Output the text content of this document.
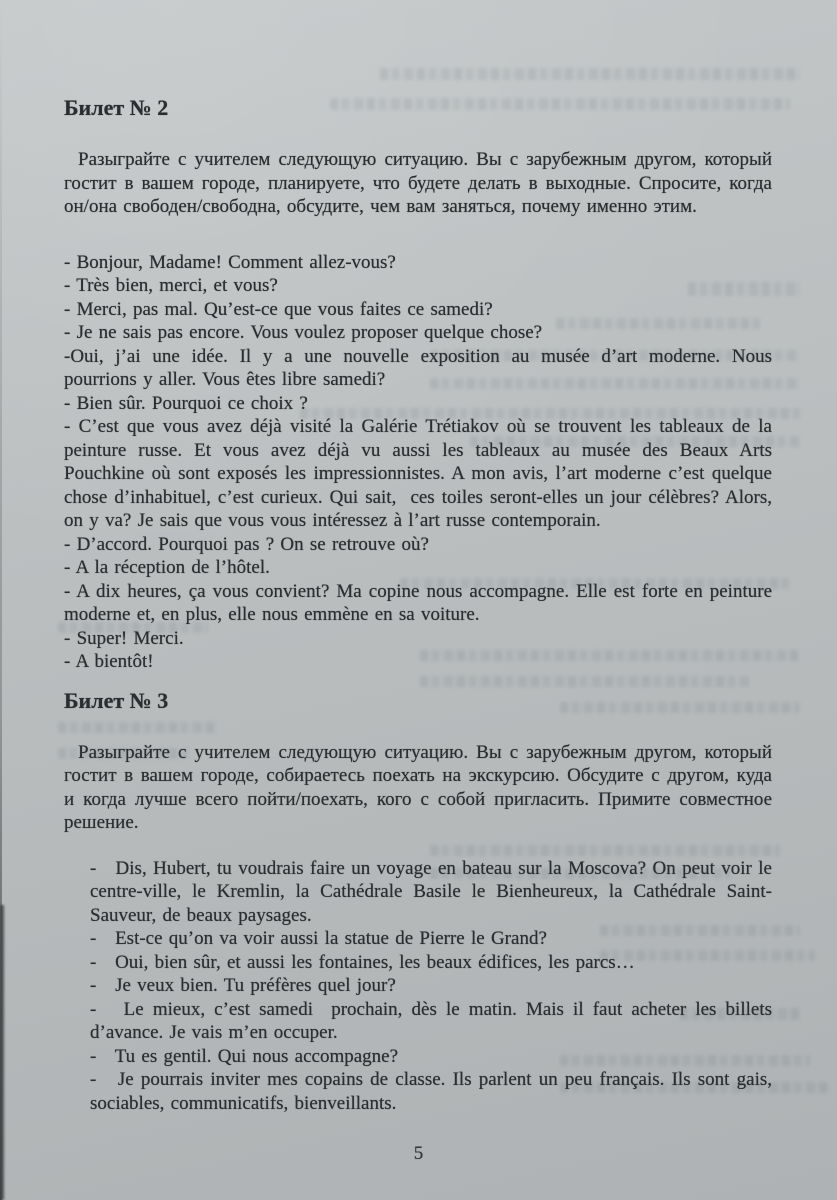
Билет № 2

Разыграйте с учителем следующую ситуацию. Вы с зарубежным другом, который гостит в вашем городе, планируете, что будете делать в выходные. Спросите, когда он/она свободен/свободна, обсудите, чем вам заняться, почему именно этим.

- Bonjour, Madame! Comment allez-vous?

- Très bien, merci, et vous?

- Merci, pas mal. Qu’est-ce que vous faites ce samedi?

- Je ne sais pas encore. Vous voulez proposer quelque chose?

-Oui, j’ai une idée. Il y a une nouvelle exposition au musée d’art moderne. Nous pourrions y aller. Vous êtes libre samedi?

- Bien sûr. Pourquoi ce choix ?

- C’est que vous avez déjà visité la Galérie Trétiakov où se trouvent les tableaux de la peinture russe. Et vous avez déjà vu aussi les tableaux au musée des Beaux Arts Pouchkine où sont exposés les impressionnistes. A mon avis, l’art moderne c’est quelque chose d’inhabituel, c’est curieux. Qui sait,  ces toiles seront-elles un jour célèbres? Alors, on y va? Je sais que vous vous intéressez à l’art russe contemporain.

- D’accord. Pourquoi pas ? On se retrouve où?

- A la réception de l’hôtel.

- A dix heures, ça vous convient? Ma copine nous accompagne. Elle est forte en peinture moderne et, en plus, elle nous emmène en sa voiture.

- Super! Merci.

- A bientôt!

Билет № 3

Разыграйте с учителем следующую ситуацию. Вы с зарубежным другом, который гостит в вашем городе, собираетесь поехать на экскурсию. Обсудите с другом, куда и когда лучше всего пойти/поехать, кого с собой пригласить. Примите совместное решение.

-   Dis, Hubert, tu voudrais faire un voyage en bateau sur la Moscova? On peut voir le centre-ville, le Kremlin, la Cathédrale Basile le Bienheureux, la Cathédrale Saint-Sauveur, de beaux paysages.

-   Est-ce qu’on va voir aussi la statue de Pierre le Grand?

-   Oui, bien sûr, et aussi les fontaines, les beaux édifices, les parcs…

-   Je veux bien. Tu préfères quel jour?

-   Le mieux, c’est samedi  prochain, dès le matin. Mais il faut acheter les billets d’avance. Je vais m’en occuper.

-   Tu es gentil. Qui nous accompagne?

-   Je pourrais inviter mes copains de classe. Ils parlent un peu français. Ils sont gais, sociables, communicatifs, bienveillants.

5
